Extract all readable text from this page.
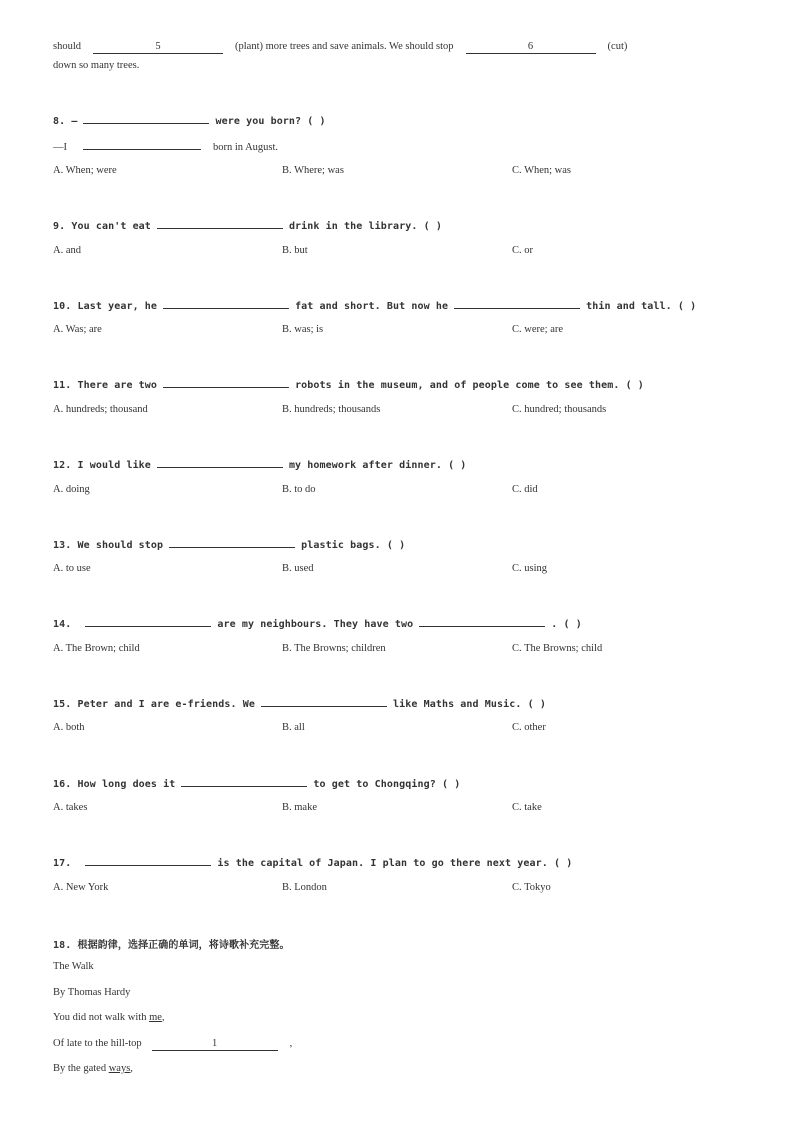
should	5	(plant) more trees and save animals. We should stop	6	(cut)
down so many trees.
8. —	were you born? ( )
—I	born in August.
A. When; were	B. Where; was	C. When; was
9. You can't eat	drink in the library. ( )
A. and	B. but	C. or
10. Last year, he	fat and short. But now he	thin and tall. ( )
A. Was; are	B. was; is	C. were; are
11. There are two	robots in the museum, and of people come to see them. ( )
A. hundreds; thousand	B. hundreds; thousands	C. hundred; thousands
12. I would like	my homework after dinner. ( )
A. doing	B. to do	C. did
13. We should stop	plastic bags. ( )
A. to use	B. used	C. using
14.	are my neighbours. They have two	. ( )
A. The Brown; child	B. The Browns; children	C. The Browns; child
15. Peter and I are e-friends. We	like Maths and Music. ( )
A. both	B. all	C. other
16. How long does it	to get to Chongqing? ( )
A. takes	B. make	C. take
17.	is the capital of Japan. I plan to go there next year. ( )
A. New York	B. London	C. Tokyo
18. 根据韵律，选择正确的单词，将诗歌补充完整。
The Walk
By Thomas Hardy
You did not walk with me,
Of late to the hill-top	1	,
By the gated ways,
